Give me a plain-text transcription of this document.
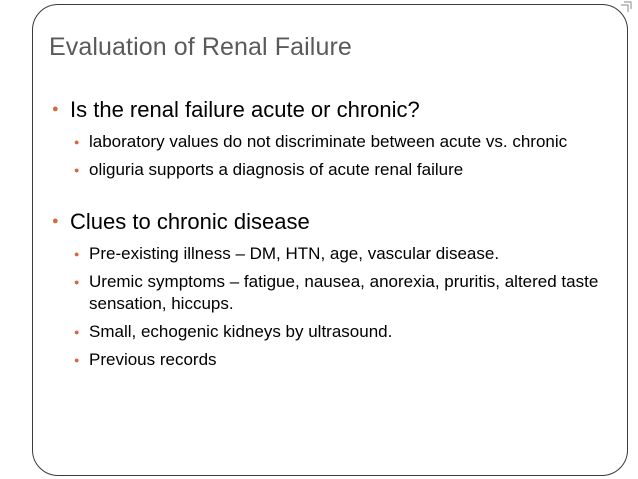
Evaluation of Renal Failure
● Is the renal failure acute or chronic?
● laboratory values do not discriminate between acute vs. chronic
● oliguria supports a diagnosis of acute renal failure
● Clues to chronic disease
● Pre-existing illness – DM, HTN, age, vascular disease.
● Uremic symptoms – fatigue, nausea, anorexia, pruritis, altered taste sensation, hiccups.
● Small, echogenic kidneys by ultrasound.
● Previous records
